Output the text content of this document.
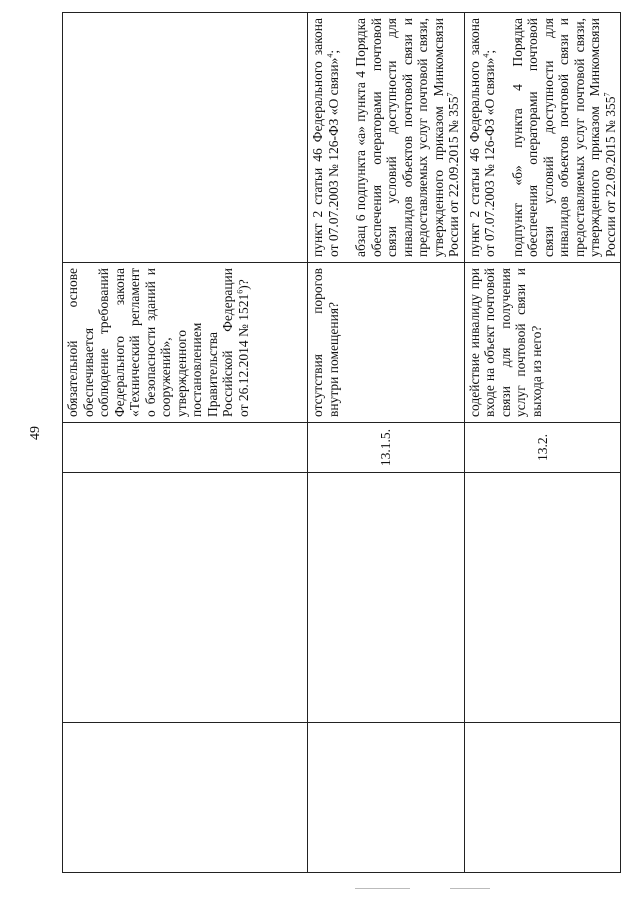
49
			обязательной основе обеспечивается соблюдение требований Федерального закона «Технический регламент о безопасности зданий и сооружений», утвержденного постановлением Правительства Российской Федерации от 26.12.2014 № 1521$^6$)?	
		13.1.5.	отсутствия порогов внутри помещения?	пункт 2 статьи 46 Федерального закона от 07.07.2003 № 126-ФЗ «О связи»$^4$; абзац 6 подпункта «а» пункта 4 Порядка обеспечения операторами почтовой связи условий доступности для инвалидов объектов почтовой связи и предоставляемых услуг почтовой связи, утвержденного приказом Минкомсвязи России от 22.09.2015 № $355^7$

		13.2.	содействие инвалиду при входе на объект почтовой связи для получения услуг почтовой связи и выхода из него?	пункт 2 статьи 46 Федерального закона от 07.07.2003 № 126-ФЗ «О связи»$^4$; подпункт «б» пункта 4 Порядка обеспечения операторами почтовой связи условий доступности для инвалидов объектов почтовой связи и предоставляемых услуг почтовой связи, утвержденного приказом Минкомсвязи России от 22.09.2015 № $355^7$
